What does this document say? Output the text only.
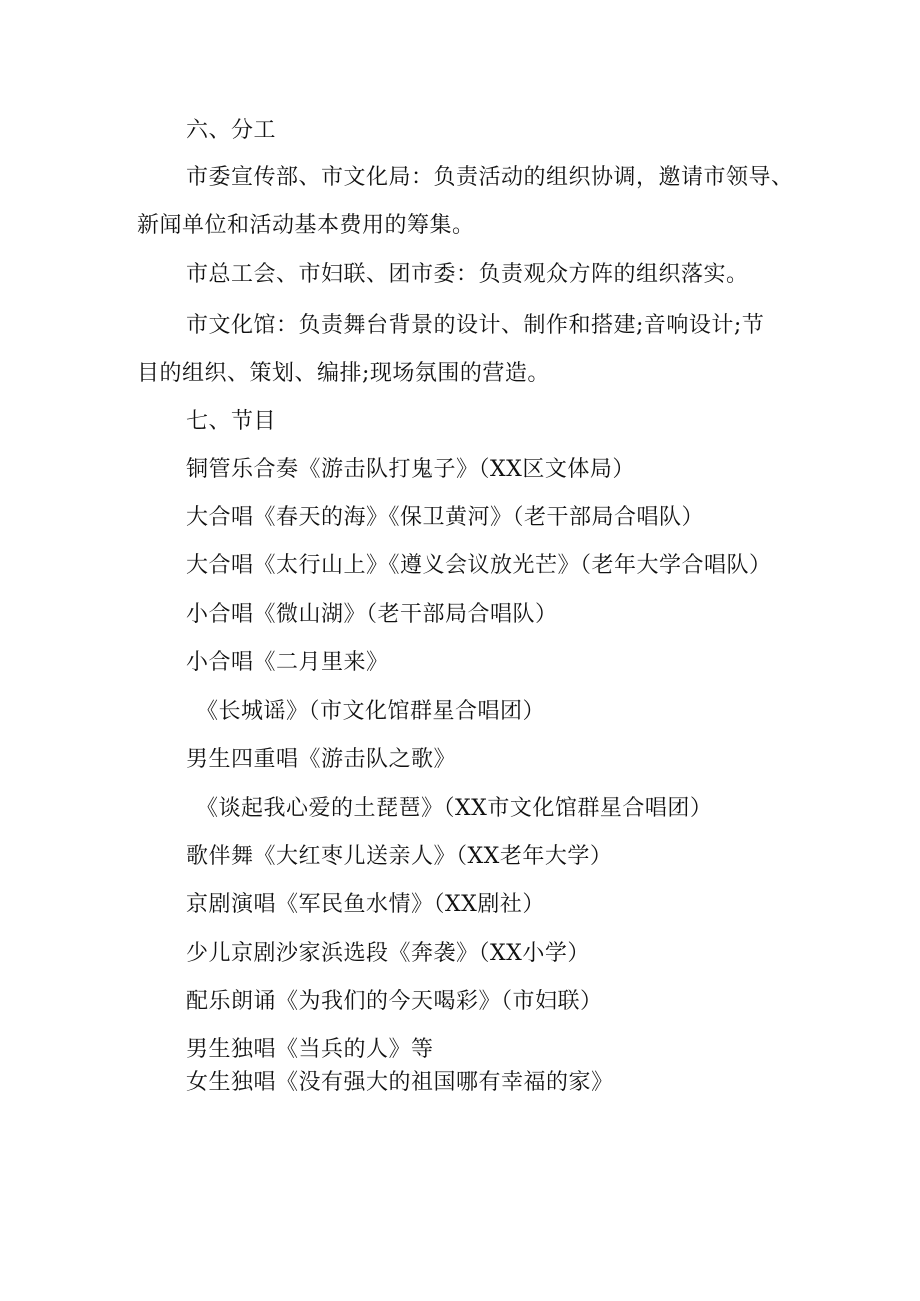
六、分工

市委宣传部、市文化局：负责活动的组织协调，邀请市领导、

新闻单位和活动基本费用的筹集。

市总工会、市妇联、团市委：负责观众方阵的组织落实。

市文化馆：负责舞台背景的设计、制作和搭建;音响设计;节

目的组织、策划、编排;现场氛围的营造。

七、节目

铜管乐合奏《游击队打鬼子》（XX区文体局）

大合唱《春天的海》《保卫黄河》（老干部局合唱队）

大合唱《太行山上》《遵义会议放光芒》（老年大学合唱队）

小合唱《微山湖》（老干部局合唱队）

小合唱《二月里来》

《长城谣》（市文化馆群星合唱团）

男生四重唱《游击队之歌》

《谈起我心爱的土琵琶》（XX市文化馆群星合唱团）

歌伴舞《大红枣儿送亲人》（XX老年大学）

京剧演唱《军民鱼水情》（XX剧社）

少儿京剧沙家浜选段《奔袭》（XX小学）

配乐朗诵《为我们的今天喝彩》（市妇联）

男生独唱《当兵的人》等

女生独唱《没有强大的祖国哪有幸福的家》
